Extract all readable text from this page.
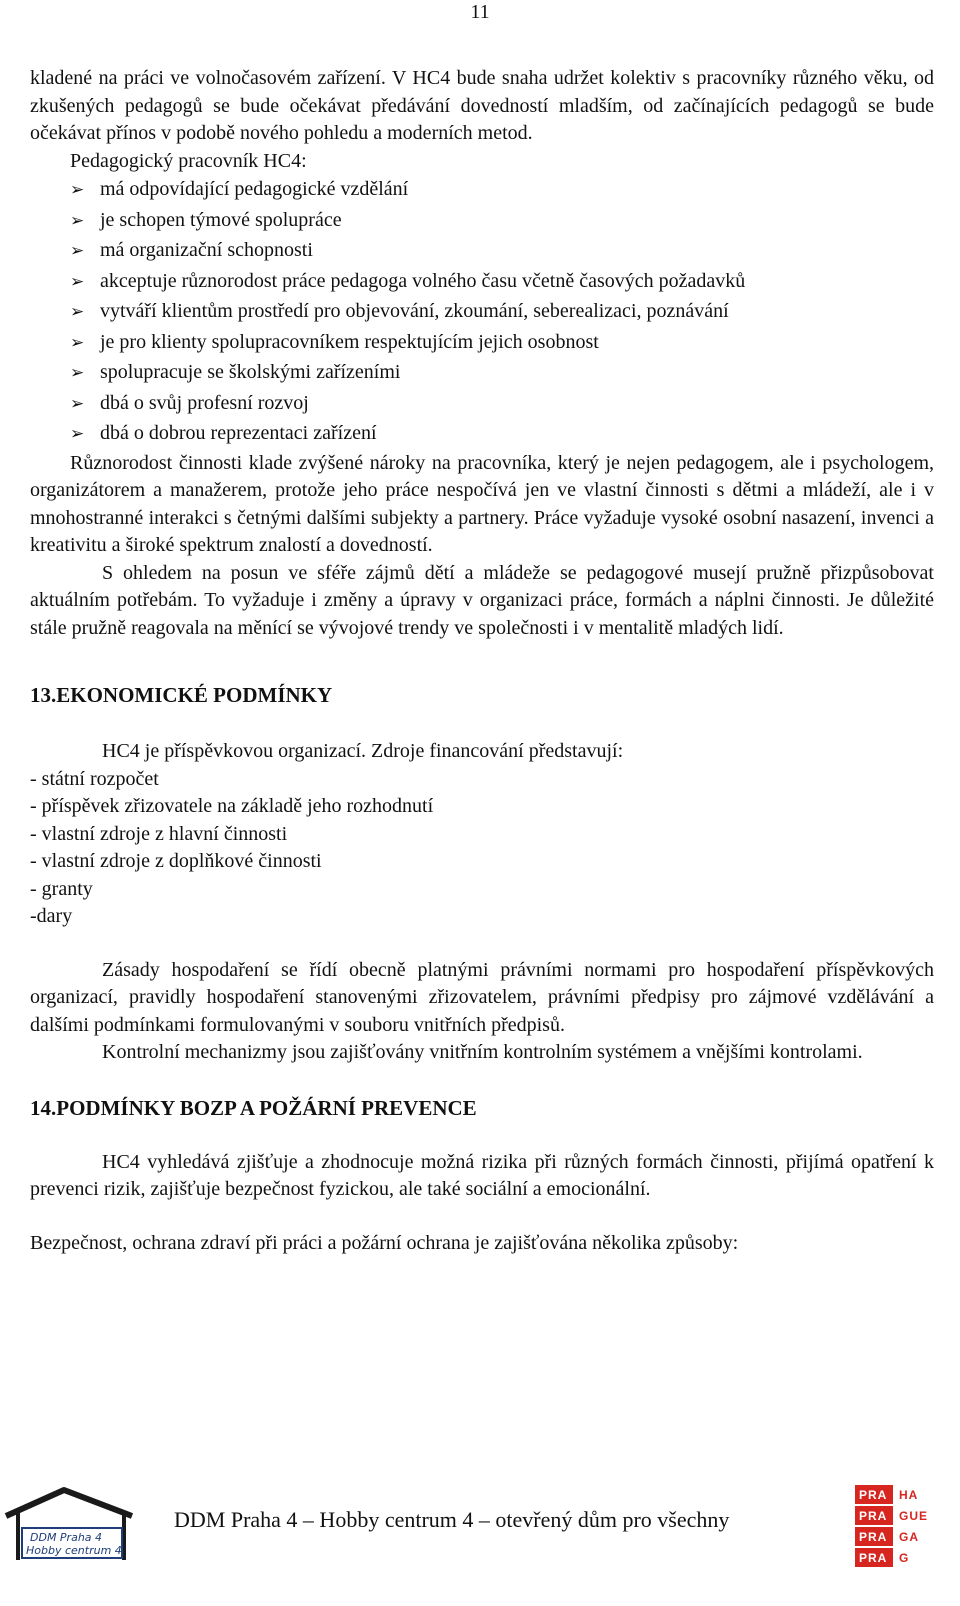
11

kladené na práci ve volnočasovém zařízení. V HC4 bude snaha udržet kolektiv s pracovníky různého věku, od zkušených pedagogů se bude očekávat předávání dovedností mladším, od začínajících pedagogů se bude očekávat přínos v podobě nového pohledu a moderních metod.

Pedagogický pracovník HC4:

➢ má odpovídající pedagogické vzdělání
➢ je schopen týmové spolupráce
➢ má organizační schopnosti
➢ akceptuje různorodost práce pedagoga volného času včetně časových požadavků
➢ vytváří klientům prostředí pro objevování, zkoumání, seberealizaci, poznávání
➢ je pro klienty spolupracovníkem respektujícím jejich osobnost
➢ spolupracuje se školskými zařízeními
➢ dbá o svůj profesní rozvoj
➢ dbá o dobrou reprezentaci zařízení

Různorodost činnosti klade zvýšené nároky na pracovníka, který je nejen pedagogem, ale i psychologem, organizátorem a manažerem, protože jeho práce nespočívá jen ve vlastní činnosti s dětmi a mládeží, ale i v mnohostranné interakci s četnými dalšími subjekty a partnery. Práce vyžaduje vysoké osobní nasazení, invenci a kreativitu a široké spektrum znalostí a dovedností.

S ohledem na posun ve sféře zájmů dětí a mládeže se pedagogové musejí pružně přizpůsobovat aktuálním potřebám. To vyžaduje i změny a úpravy v organizaci práce, formách a náplni činnosti. Je důležité stále pružně reagovala na měnící se vývojové trendy ve společnosti i v mentalitě mladých lidí.

13.EKONOMICKÉ PODMÍNKY

HC4 je příspěvkovou organizací. Zdroje financování představují:

- státní rozpočet
- příspěvek zřizovatele na základě jeho rozhodnutí
- vlastní zdroje z hlavní činnosti
- vlastní zdroje z doplňkové činnosti
- granty
-dary

Zásady hospodaření se řídí obecně platnými právními normami pro hospodaření příspěvkových organizací, pravidly hospodaření stanovenými zřizovatelem, právními předpisy pro zájmové vzdělávání a dalšími podmínkami formulovanými v souboru vnitřních předpisů.

Kontrolní mechanizmy jsou zajišťovány vnitřním kontrolním systémem a vnějšími kontrolami.

14.PODMÍNKY BOZP A POŽÁRNÍ PREVENCE

HC4 vyhledává zjišťuje a zhodnocuje možná rizika při různých formách činnosti, přijímá opatření k prevenci rizik, zajišťuje bezpečnost fyzickou, ale také sociální a emocionální.

Bezpečnost, ochrana zdraví při práci a požární ochrana je zajišťována několika způsoby:

DDM Praha 4
Hobby centrum 4
DDM Praha 4 – Hobby centrum 4 – otevřený dům pro všechny
PRA HA
PRA GUE
PRA GA
PRA G
